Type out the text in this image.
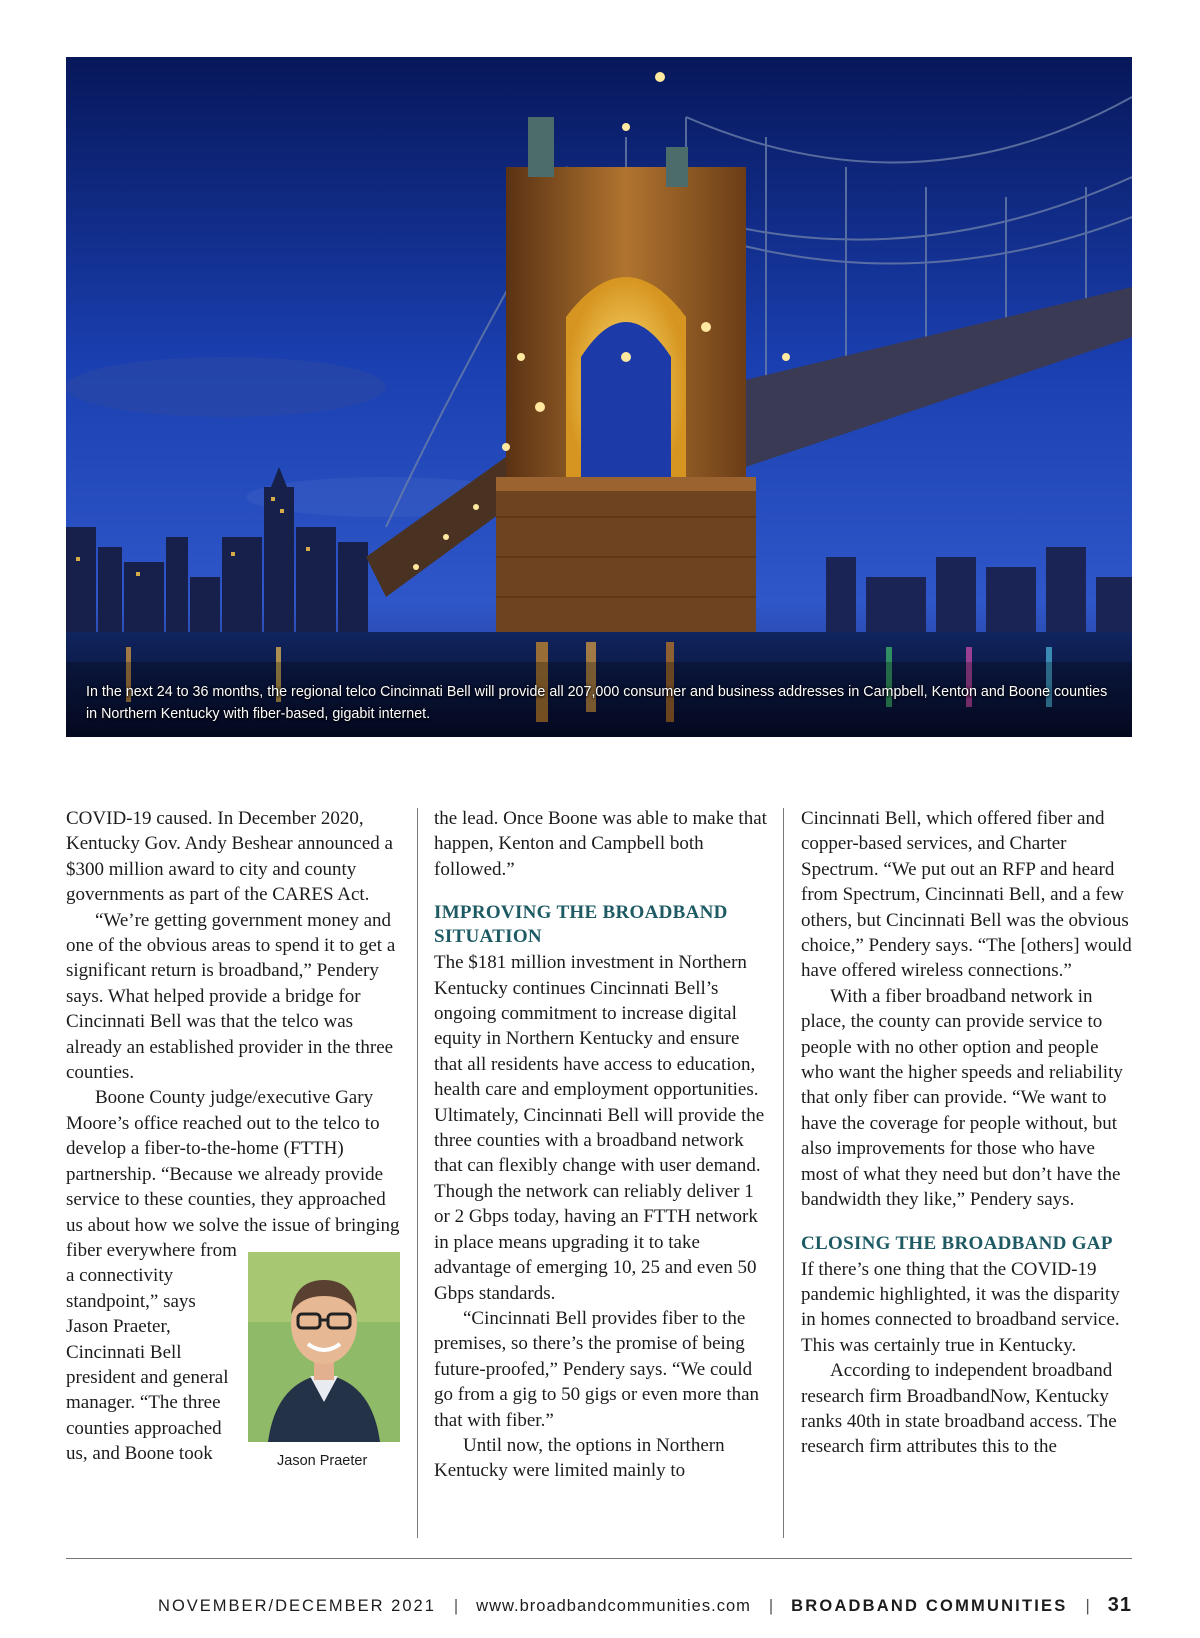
In the next 24 to 36 months, the regional telco Cincinnati Bell will provide all 207,000 consumer and business addresses in Campbell, Kenton and Boone counties in Northern Kentucky with fiber-based, gigabit internet.

COVID-19 caused. In December 2020, Kentucky Gov. Andy Beshear announced a $300 million award to city and county governments as part of the CARES Act.

“We’re getting government money and one of the obvious areas to spend it to get a significant return is broadband,” Pendery says. What helped provide a bridge for Cincinnati Bell was that the telco was already an established provider in the three counties.

Boone County judge/executive Gary Moore’s office reached out to the telco to develop a fiber-to-the-home (FTTH) partnership. “Because we already provide service to these counties, they approached us about how we solve the issue of bringing fiber everywhere from
Jason Praeter
a connectivity standpoint,” says Jason Praeter, Cincinnati Bell president and general manager. “The three counties approached us, and Boone took

the lead. Once Boone was able to make that happen, Kenton and Campbell both followed.”

IMPROVING THE BROADBAND SITUATION

The $181 million investment in Northern Kentucky continues Cincinnati Bell’s ongoing commitment to increase digital equity in Northern Kentucky and ensure that all residents have access to education, health care and employment opportunities. Ultimately, Cincinnati Bell will provide the three counties with a broadband network that can flexibly change with user demand. Though the network can reliably deliver 1 or 2 Gbps today, having an FTTH network in place means upgrading it to take advantage of emerging 10, 25 and even 50 Gbps standards.

“Cincinnati Bell provides fiber to the premises, so there’s the promise of being future-proofed,” Pendery says. “We could go from a gig to 50 gigs or even more than that with fiber.”

Until now, the options in Northern Kentucky were limited mainly to

Cincinnati Bell, which offered fiber and copper-based services, and Charter Spectrum. “We put out an RFP and heard from Spectrum, Cincinnati Bell, and a few others, but Cincinnati Bell was the obvious choice,” Pendery says. “The [others] would have offered wireless connections.”

With a fiber broadband network in place, the county can provide service to people with no other option and people who want the higher speeds and reliability that only fiber can provide. “We want to have the coverage for people without, but also improvements for those who have most of what they need but don’t have the bandwidth they like,” Pendery says.

CLOSING THE BROADBAND GAP

If there’s one thing that the COVID-19 pandemic highlighted, it was the disparity in homes connected to broadband service. This was certainly true in Kentucky.

According to independent broadband research firm BroadbandNow, Kentucky ranks 40th in state broadband access. The research firm attributes this to the

NOVEMBER/DECEMBER 2021 | www.broadbandcommunities.com | BROADBAND COMMUNITIES | 31
